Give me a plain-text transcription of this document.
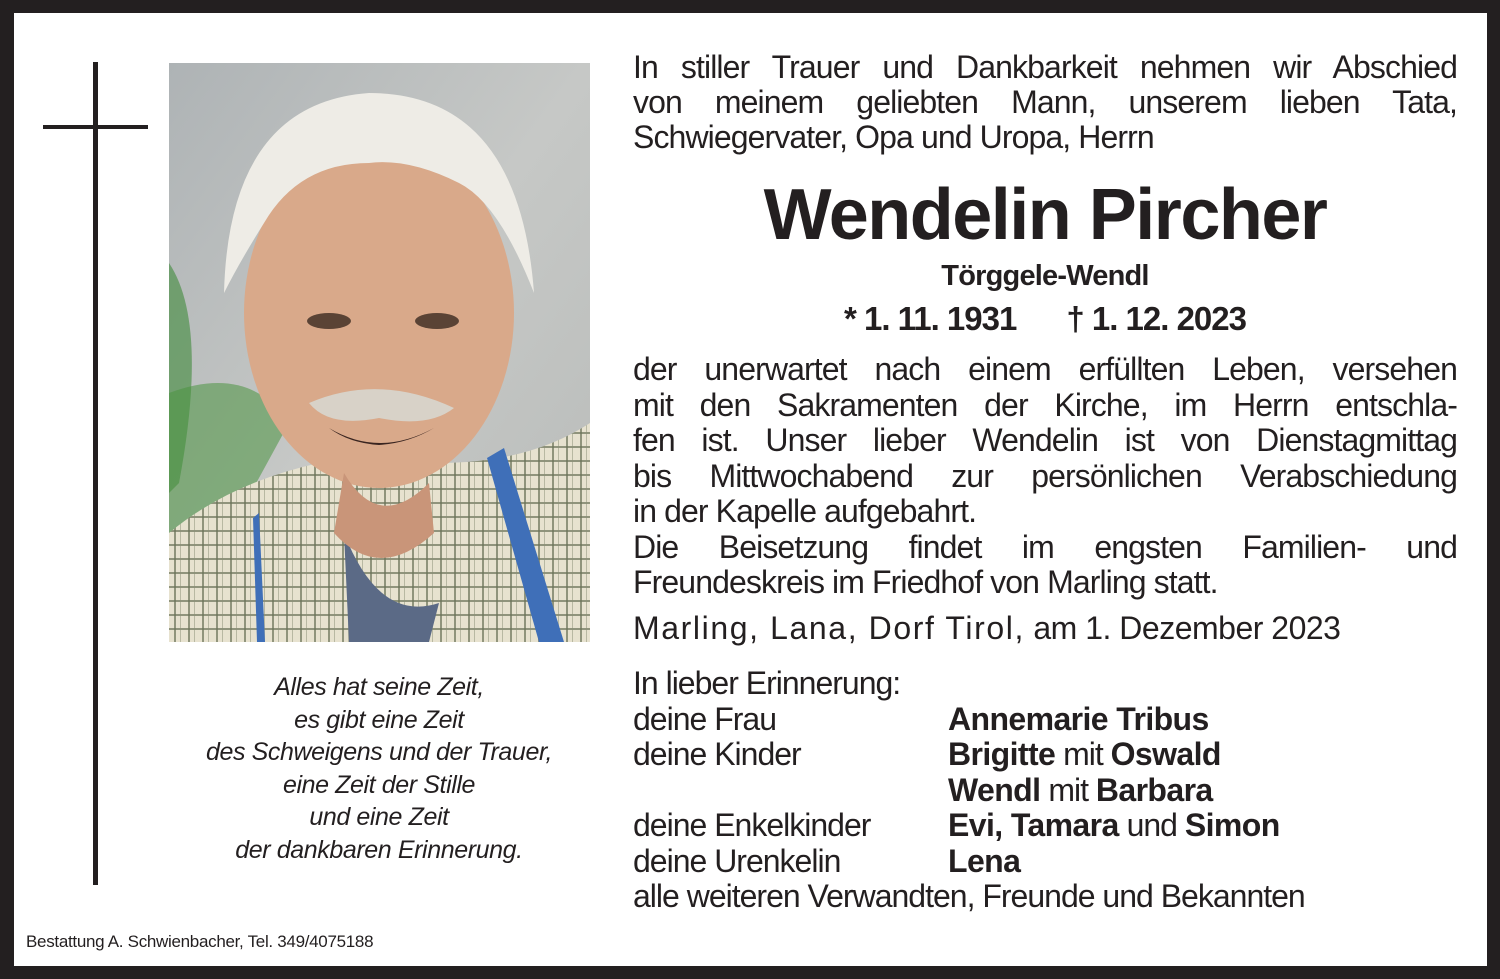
Alles hat seine Zeit,
es gibt eine Zeit
des Schweigens und der Trauer,
eine Zeit der Stille
und eine Zeit
der dankbaren Erinnerung.
Bestattung A. Schwienbacher, Tel. 349/4075188
In stiller Trauer und Dankbarkeit nehmen wir Abschied
von meinem geliebten Mann, unserem lieben Tata,
Schwiegervater, Opa und Uropa, Herrn
Wendelin Pircher
Törggele-Wendl
* 1. 11. 1931 † 1. 12. 2023
der unerwartet nach einem erfüllten Leben, versehen
mit den Sakramenten der Kirche, im Herrn entschla-
fen ist. Unser lieber Wendelin ist von Dienstagmittag
bis Mittwochabend zur persönlichen Verabschiedung
in der Kapelle aufgebahrt.
Die Beisetzung findet im engsten Familien- und
Freundeskreis im Friedhof von Marling statt.
Marling, Lana, Dorf Tirol, am 1. Dezember 2023
In lieber Erinnerung:
deine Frau	Annemarie Tribus
deine Kinder	Brigitte mit Oswald
Wendl mit Barbara
deine Enkelkinder	Evi, Tamara und Simon
deine Urenkelin	Lena
alle weiteren Verwandten, Freunde und Bekannten
